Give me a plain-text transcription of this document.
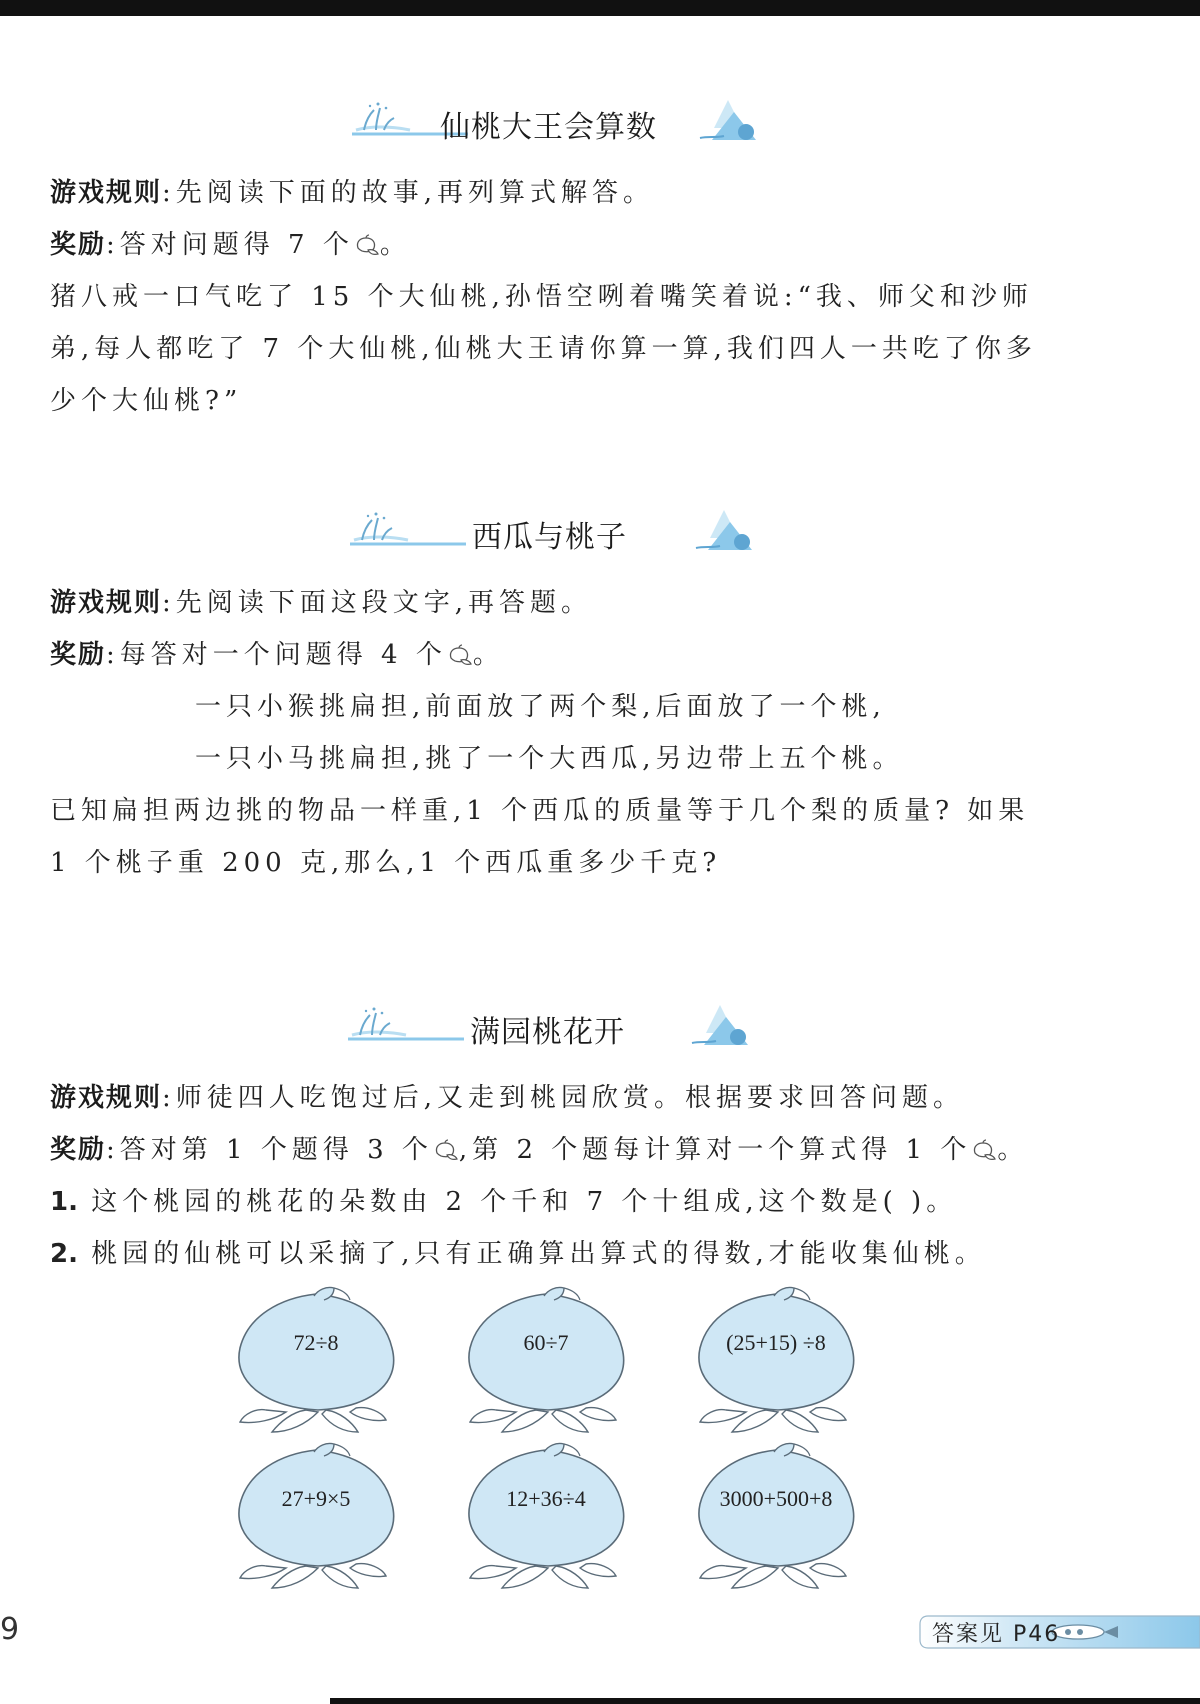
仙桃大王会算数
游戏规则:先阅读下面的故事,再列算式解答。
奖励:答对问题得 7 个 。
猪八戒一口气吃了 15 个大仙桃,孙悟空咧着嘴笑着说:“我、师父和沙师
弟,每人都吃了 7 个大仙桃,仙桃大王请你算一算,我们四人一共吃了你多
少个大仙桃?”
西瓜与桃子
游戏规则:先阅读下面这段文字,再答题。
奖励:每答对一个问题得 4 个 。
一只小猴挑扁担,前面放了两个梨,后面放了一个桃,
一只小马挑扁担,挑了一个大西瓜,另边带上五个桃。
已知扁担两边挑的物品一样重,1 个西瓜的质量等于几个梨的质量? 如果
1 个桃子重 200 克,那么,1 个西瓜重多少千克?
满园桃花开
游戏规则:师徒四人吃饱过后,又走到桃园欣赏。根据要求回答问题。
奖励:答对第 1 个题得 3 个 ,第 2 个题每计算对一个算式得 1 个 。
1. 这个桃园的桃花的朵数由 2 个千和 7 个十组成,这个数是( )。
2. 桃园的仙桃可以采摘了,只有正确算出算式的得数,才能收集仙桃。
72÷8	60÷7	(25+15) ÷8
27+9×5	12+36÷4	3000+500+8
9	答案见 P46
